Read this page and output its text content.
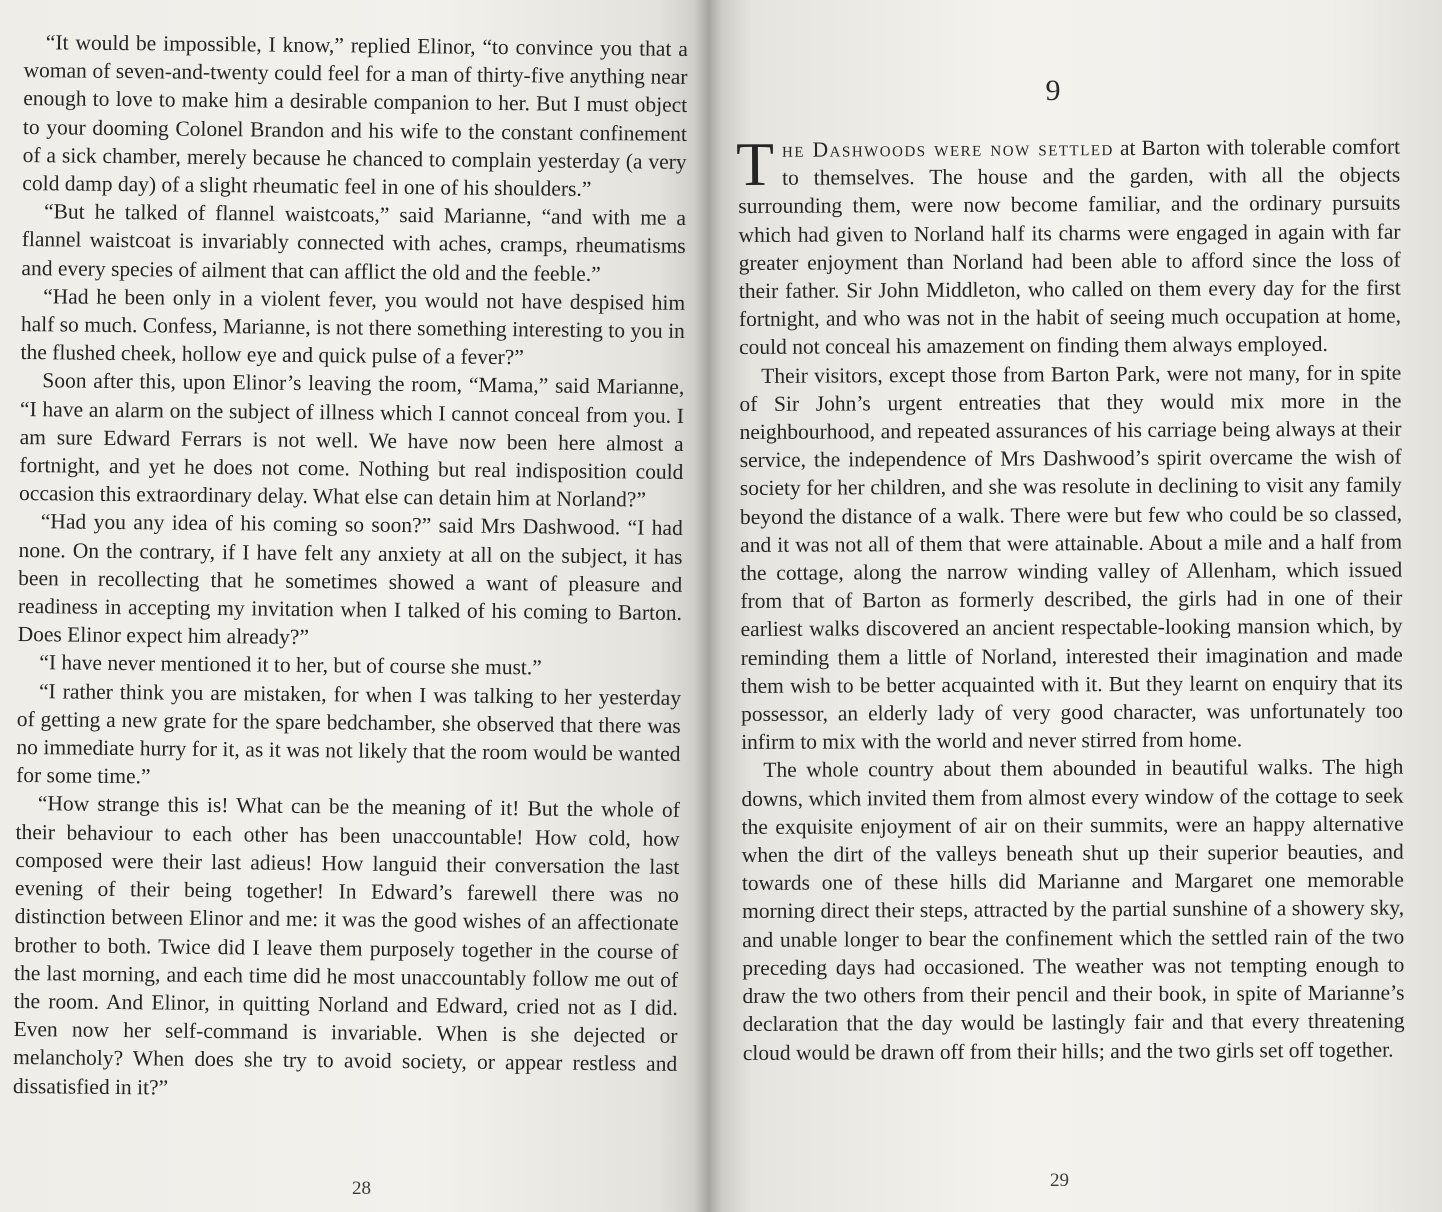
“It would be impossible, I know,” replied Elinor, “to convince you that a woman of seven-and-twenty could feel for a man of thirty-five anything near enough to love to make him a desirable companion to her. But I must object to your dooming Colonel Brandon and his wife to the constant confinement of a sick chamber, merely because he chanced to complain yesterday (a very cold damp day) of a slight rheumatic feel in one of his shoulders.”

“But he talked of flannel waistcoats,” said Marianne, “and with me a flannel waistcoat is invariably connected with aches, cramps, rheumatisms and every species of ailment that can afflict the old and the feeble.”

“Had he been only in a violent fever, you would not have despised him half so much. Confess, Marianne, is not there something interesting to you in the flushed cheek, hollow eye and quick pulse of a fever?”

Soon after this, upon Elinor’s leaving the room, “Mama,” said Marianne, “I have an alarm on the subject of illness which I cannot conceal from you. I am sure Edward Ferrars is not well. We have now been here almost a fortnight, and yet he does not come. Nothing but real indisposition could occasion this extraordinary delay. What else can detain him at Norland?”

“Had you any idea of his coming so soon?” said Mrs Dashwood. “I had none. On the contrary, if I have felt any anxiety at all on the subject, it has been in recollecting that he sometimes showed a want of pleasure and readiness in accepting my invitation when I talked of his coming to Barton. Does Elinor expect him already?”

“I have never mentioned it to her, but of course she must.”

“I rather think you are mistaken, for when I was talking to her yesterday of getting a new grate for the spare bedchamber, she observed that there was no immediate hurry for it, as it was not likely that the room would be wanted for some time.”

“How strange this is! What can be the meaning of it! But the whole of their behaviour to each other has been unaccountable! How cold, how composed were their last adieus! How languid their conversation the last evening of their being together! In Edward’s farewell there was no distinction between Elinor and me: it was the good wishes of an affectionate brother to both. Twice did I leave them purposely together in the course of the last morning, and each time did he most unaccountably follow me out of the room. And Elinor, in quitting Norland and Edward, cried not as I did. Even now her self-command is invariable. When is she dejected or melancholy? When does she try to avoid society, or appear restless and dissatisfied in it?”

28
9

The Dashwoods were now settled at Barton with tolerable comfort to themselves. The house and the garden, with all the objects surrounding them, were now become familiar, and the ordinary pursuits which had given to Norland half its charms were engaged in again with far greater enjoyment than Norland had been able to afford since the loss of their father. Sir John Middleton, who called on them every day for the first fortnight, and who was not in the habit of seeing much occupation at home, could not conceal his amazement on finding them always employed.

Their visitors, except those from Barton Park, were not many, for in spite of Sir John’s urgent entreaties that they would mix more in the neighbourhood, and repeated assurances of his carriage being always at their service, the independence of Mrs Dashwood’s spirit overcame the wish of society for her children, and she was resolute in declining to visit any family beyond the distance of a walk. There were but few who could be so classed, and it was not all of them that were attainable. About a mile and a half from the cottage, along the narrow winding valley of Allenham, which issued from that of Barton as formerly described, the girls had in one of their earliest walks discovered an ancient respectable-looking mansion which, by reminding them a little of Norland, interested their imagination and made them wish to be better acquainted with it. But they learnt on enquiry that its possessor, an elderly lady of very good character, was unfortunately too infirm to mix with the world and never stirred from home.

The whole country about them abounded in beautiful walks. The high downs, which invited them from almost every window of the cottage to seek the exquisite enjoyment of air on their summits, were an happy alternative when the dirt of the valleys beneath shut up their superior beauties, and towards one of these hills did Marianne and Margaret one memorable morning direct their steps, attracted by the partial sunshine of a showery sky, and unable longer to bear the confinement which the settled rain of the two preceding days had occasioned. The weather was not tempting enough to draw the two others from their pencil and their book, in spite of Marianne’s declaration that the day would be lastingly fair and that every threatening cloud would be drawn off from their hills; and the two girls set off together.

29
